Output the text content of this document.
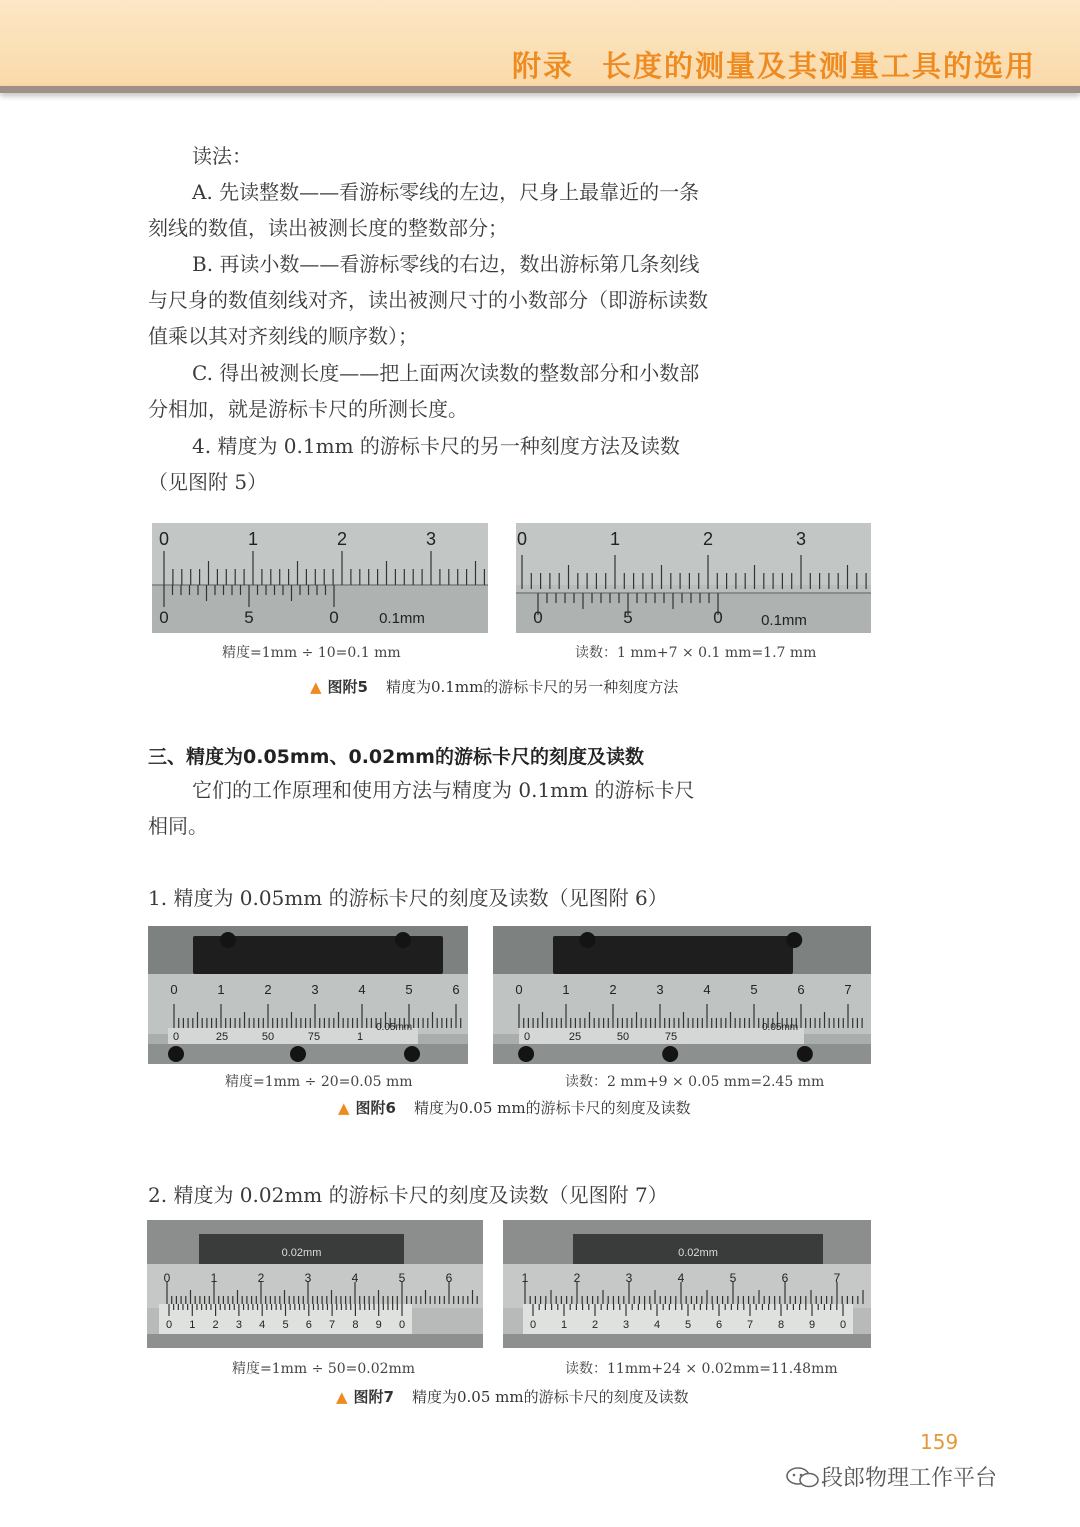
附录 长度的测量及其测量工具的选用

读法：

A. 先读整数——看游标零线的左边，尺身上最靠近的一条刻线的数值，读出被测长度的整数部分；

B. 再读小数——看游标零线的右边，数出游标第几条刻线与尺身的数值刻线对齐，读出被测尺寸的小数部分（即游标读数值乘以其对齐刻线的顺序数）；

C. 得出被测长度——把上面两次读数的整数部分和小数部分相加，就是游标卡尺的所测长度。

4. 精度为 0.1mm 的游标卡尺的另一种刻度方法及读数（见图附 5）

0	1	2	3
0	5	0	0.1mm
0	1	2	3
0	5	0	0.1mm
精度=1mm ÷ 10=0.1 mm	读数：1 mm+7 × 0.1 mm=1.7 mm
▲ 图附5 精度为0.1mm的游标卡尺的另一种刻度方法
三、精度为0.05mm、0.02mm的游标卡尺的刻度及读数

它们的工作原理和使用方法与精度为 0.1mm 的游标卡尺相同。

1. 精度为 0.05mm 的游标卡尺的刻度及读数（见图附 6）

0	1	2	3	4	5	6
0	25	50	75	1
0.05mm
0	1	2	3	4	5	6	7
0	25	50	75
0.05mm
精度=1mm ÷ 20=0.05 mm	读数：2 mm+9 × 0.05 mm=2.45 mm
▲ 图附6 精度为0.05 mm的游标卡尺的刻度及读数

2. 精度为 0.02mm 的游标卡尺的刻度及读数（见图附 7）

0.02mm
0	1	2	3	4	5	6
0 1 2 3 4 5 6 7 8 9 0
0.02mm
1	2	3	4	5	6	7
0 1 2 3 4 5 6 7 8 9 0
精度=1mm ÷ 50=0.02mm	读数：11mm+24 × 0.02mm=11.48mm
▲ 图附7 精度为0.05 mm的游标卡尺的刻度及读数
159
段郎物理工作平台
